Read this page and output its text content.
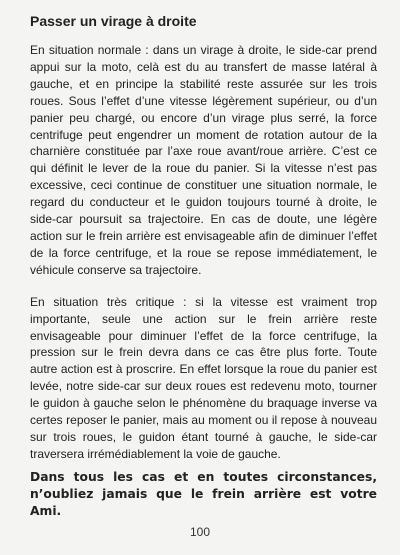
Passer un virage à droite

En situation normale : dans un virage à droite, le side-car prend appui sur la moto, celà est du au transfert de masse latéral à gauche, et en principe la stabilité reste assurée sur les trois roues. Sous l’effet d’une vitesse légèrement supérieur, ou d’un panier peu chargé, ou encore d’un virage plus serré, la force centrifuge peut engendrer un moment de rotation autour de la charnière constituée par l’axe roue avant/roue arrière. C’est ce qui définit le lever de la roue du panier. Si la vitesse n’est pas excessive, ceci continue de constituer une situation normale, le regard du conducteur et le guidon toujours tourné à droite, le side-car poursuit sa trajectoire. En cas de doute, une légère action sur le frein arrière est envisageable afin de diminuer l’effet de la force centrifuge, et la roue se repose immédiatement, le véhicule conserve sa trajectoire.

En situation très critique : si la vitesse est vraiment trop importante, seule une action sur le frein arrière reste envisageable pour diminuer l’effet de la force centrifuge, la pression sur le frein devra dans ce cas être plus forte. Toute autre action est à proscrire. En effet lorsque la roue du panier est levée, notre side-car sur deux roues est redevenu moto, tourner le guidon à gauche selon le phénomène du braquage inverse va certes reposer le panier, mais au moment ou il repose à nouveau sur trois roues, le guidon étant tourné à gauche, le side-car traversera irrémédiablement la voie de gauche.

Dans tous les cas et en toutes circonstances, n’oubliez jamais que le frein arrière est votre Ami.

100
